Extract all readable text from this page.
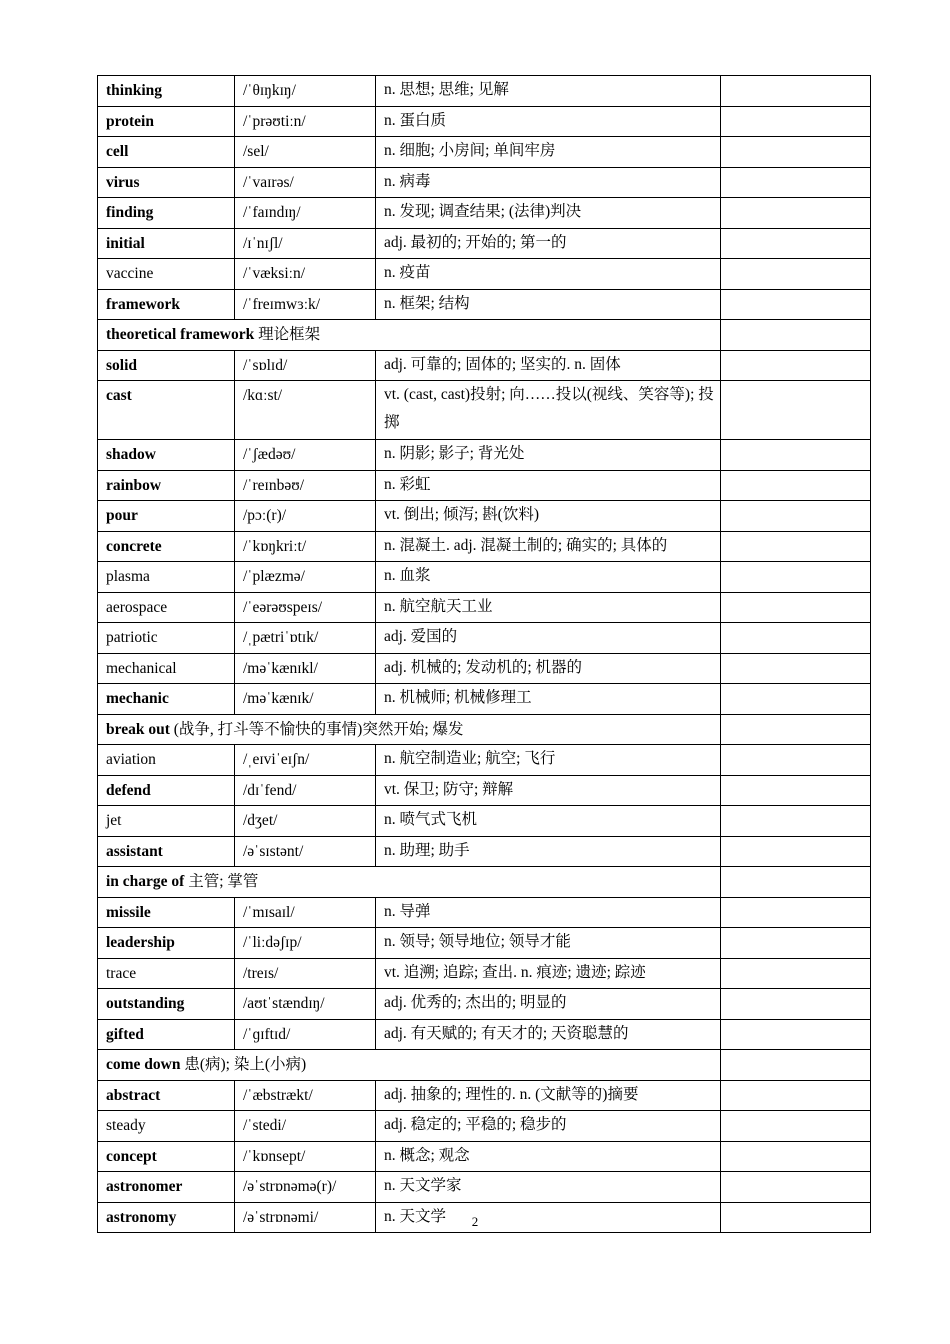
thinking	/ˈθɪŋkɪŋ/	n. 思想; 思维; 见解	
protein	/ˈprəʊtiːn/	n. 蛋白质	
cell	/sel/	n. 细胞; 小房间; 单间牢房	
virus	/ˈvaɪrəs/	n. 病毒	
finding	/ˈfaɪndɪŋ/	n. 发现; 调查结果; (法律)判决	
initial	/ɪˈnɪʃl/	adj. 最初的; 开始的; 第一的	
vaccine	/ˈvæksiːn/	n. 疫苗	
framework	/ˈfreɪmwɜːk/	n. 框架; 结构	
theoretical framework 理论框架			
solid	/ˈsɒlɪd/	adj. 可靠的; 固体的; 坚实的. n. 固体	
cast	/kɑːst/	vt. (cast, cast)投射; 向……投以(视线、笑容等); 投掷	
shadow	/ˈʃædəʊ/	n. 阴影; 影子; 背光处	
rainbow	/ˈreɪnbəʊ/	n. 彩虹	
pour	/pɔː(r)/	vt. 倒出; 倾泻; 斟(饮料)	
concrete	/ˈkɒŋkriːt/	n. 混凝土. adj. 混凝土制的; 确实的; 具体的	
plasma	/ˈplæzmə/	n. 血浆	
aerospace	/ˈeərəʊspeɪs/	n. 航空航天工业	
patriotic	/ˌpætriˈɒtɪk/	adj. 爱国的	
mechanical	/məˈkænɪkl/	adj. 机械的; 发动机的; 机器的	
mechanic	/məˈkænɪk/	n. 机械师; 机械修理工	
break out (战争, 打斗等不愉快的事情)突然开始; 爆发			
aviation	/ˌeɪviˈeɪʃn/	n. 航空制造业; 航空; 飞行	
defend	/dɪˈfend/	vt. 保卫; 防守; 辩解	
jet	/dʒet/	n. 喷气式飞机	
assistant	/əˈsɪstənt/	n. 助理; 助手	
in charge of 主管; 掌管			
missile	/ˈmɪsaɪl/	n. 导弹	
leadership	/ˈliːdəʃɪp/	n. 领导; 领导地位; 领导才能	
trace	/treɪs/	vt. 追溯; 追踪; 查出. n. 痕迹; 遗迹; 踪迹	
outstanding	/aʊtˈstændɪŋ/	adj. 优秀的; 杰出的; 明显的	
gifted	/ˈɡɪftɪd/	adj. 有天赋的; 有天才的; 天资聪慧的	
come down 患(病); 染上(小病)			
abstract	/ˈæbstrækt/	adj. 抽象的; 理性的. n. (文献等的)摘要	
steady	/ˈstedi/	adj. 稳定的; 平稳的; 稳步的	
concept	/ˈkɒnsept/	n. 概念; 观念	
astronomer	/əˈstrɒnəmə(r)/	n. 天文学家	
astronomy	/əˈstrɒnəmi/	n. 天文学		2
